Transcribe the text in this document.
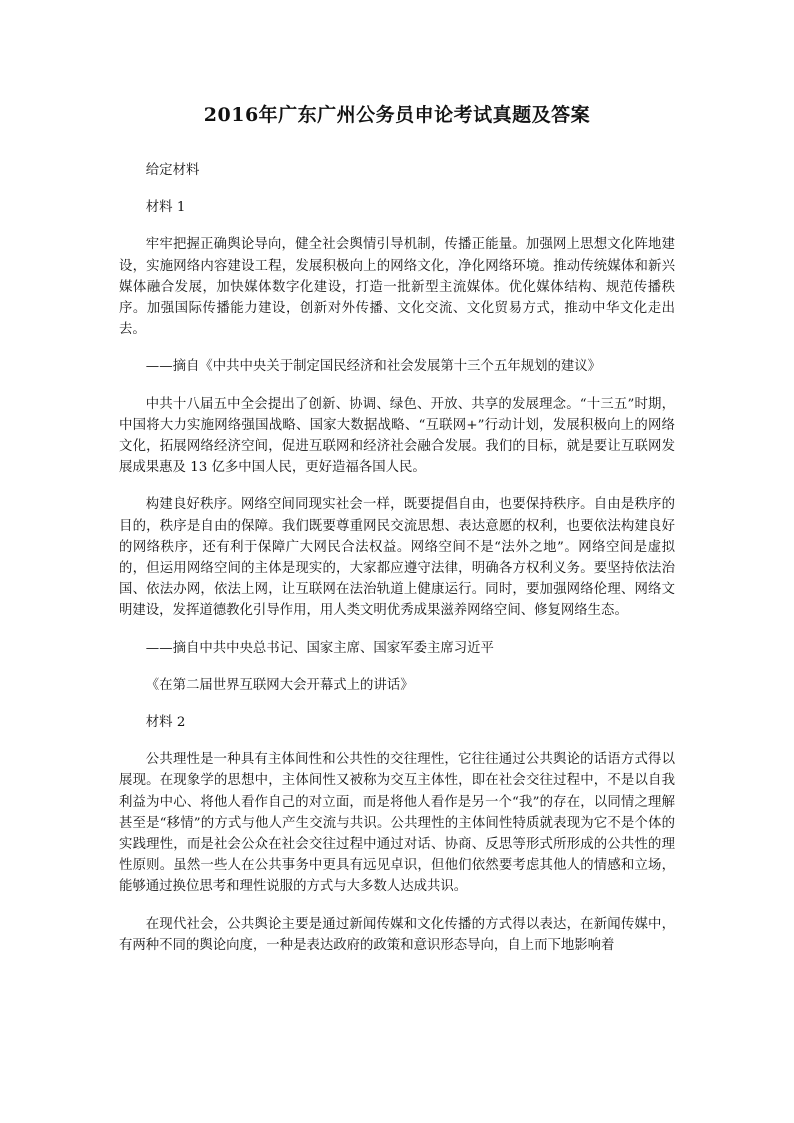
2016年广东广州公务员申论考试真题及答案
给定材料
材料 1
牢牢把握正确舆论导向，健全社会舆情引导机制，传播正能量。加强网上思想文化阵地建设，实施网络内容建设工程，发展积极向上的网络文化，净化网络环境。推动传统媒体和新兴媒体融合发展，加快媒体数字化建设，打造一批新型主流媒体。优化媒体结构、规范传播秩序。加强国际传播能力建设，创新对外传播、文化交流、文化贸易方式，推动中华文化走出去。
——摘自《中共中央关于制定国民经济和社会发展第十三个五年规划的建议》
中共十八届五中全会提出了创新、协调、绿色、开放、共享的发展理念。“十三五”时期，中国将大力实施网络强国战略、国家大数据战略、“互联网+”行动计划，发展积极向上的网络文化，拓展网络经济空间，促进互联网和经济社会融合发展。我们的目标，就是要让互联网发展成果惠及 13 亿多中国人民，更好造福各国人民。
构建良好秩序。网络空间同现实社会一样，既要提倡自由，也要保持秩序。自由是秩序的目的，秩序是自由的保障。我们既要尊重网民交流思想、表达意愿的权利，也要依法构建良好的网络秩序，还有利于保障广大网民合法权益。网络空间不是“法外之地”。网络空间是虚拟的，但运用网络空间的主体是现实的，大家都应遵守法律，明确各方权利义务。要坚持依法治国、依法办网，依法上网，让互联网在法治轨道上健康运行。同时，要加强网络伦理、网络文明建设，发挥道德教化引导作用，用人类文明优秀成果滋养网络空间、修复网络生态。
——摘自中共中央总书记、国家主席、国家军委主席习近平
《在第二届世界互联网大会开幕式上的讲话》
材料 2
公共理性是一种具有主体间性和公共性的交往理性，它往往通过公共舆论的话语方式得以展现。在现象学的思想中，主体间性又被称为交互主体性，即在社会交往过程中，不是以自我利益为中心、将他人看作自己的对立面，而是将他人看作是另一个“我”的存在，以同情之理解甚至是“移情”的方式与他人产生交流与共识。公共理性的主体间性特质就表现为它不是个体的实践理性，而是社会公众在社会交往过程中通过对话、协商、反思等形式所形成的公共性的理性原则。虽然一些人在公共事务中更具有远见卓识，但他们依然要考虑其他人的情感和立场，能够通过换位思考和理性说服的方式与大多数人达成共识。
在现代社会，公共舆论主要是通过新闻传媒和文化传播的方式得以表达，在新闻传媒中，有两种不同的舆论向度，一种是表达政府的政策和意识形态导向，自上而下地影响着
